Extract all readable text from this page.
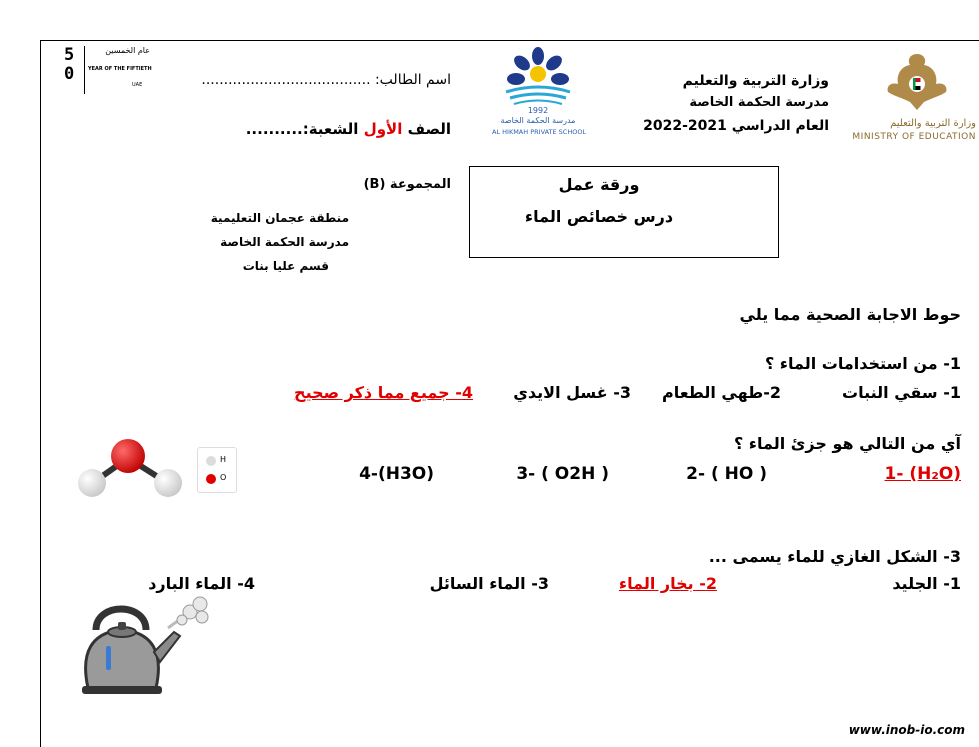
وزارة التربية والتعليم
MINISTRY OF EDUCATION
وزارة التربية والتعليم
مدرسة الحكمة الخاصة
العام الدراسي 2021-2022
1992
مدرسة الحكمة الخاصة
AL HIKMAH PRIVATE SCHOOL
50
عام الخمسين
YEAR OF THE FIFTIETH
UAE	اسم الطالب: ......................................
الصف الأول الشعبة:..........
ورقة عمل
درس خصائص الماء
المجموعة (B)
منطقة عجمان التعليمية
مدرسة الحكمة الخاصة
قسم عليا بنات
حوط الاجابة الصحية مما يلي
1- من استخدامات الماء ؟
1- سقي النبات
2-طهي الطعام
3- غسل الايدي
4- جميع مما ذكر صحيح
آي من التالي هو جزئ الماء ؟
1- (H₂O)
2- ( HO )
3- ( O2H )
4-(H3O)
H
O
3- الشكل الغازي للماء يسمى ...
1- الجليد
2- بخار الماء
3- الماء السائل
4- الماء البارد
www.inob-io.com
